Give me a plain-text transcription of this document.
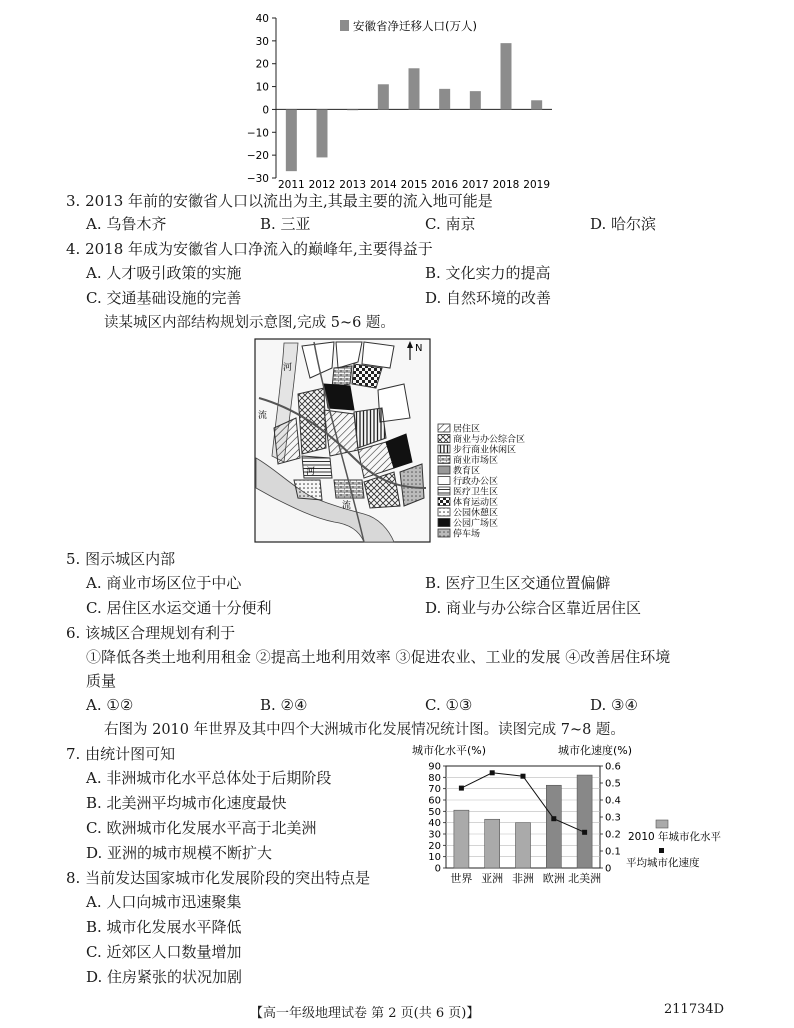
40
30
20
10
0
−10
−20
−30 2011 2012 2013 2014 2015 2016 2017 2018 2019
安徽省净迁移人口(万人)
3. 2013 年前的安徽省人口以流出为主,其最主要的流入地可能是
A. 乌鲁木齐	B. 三亚	C. 南京	D. 哈尔滨
4. 2018 年成为安徽省人口净流入的巅峰年,主要得益于
A. 人才吸引政策的实施	B. 文化实力的提高
C. 交通基础设施的完善	D. 自然环境的改善
读某城区内部结构规划示意图,完成 5~6 题。
N
河
流
河
流
居住区
商业与办公综合区
步行商业休闲区
商业市场区
教育区
行政办公区
医疗卫生区
体育运动区
公园休憩区
公园广场区
停车场
5. 图示城区内部
A. 商业市场区位于中心	B. 医疗卫生区交通位置偏僻
C. 居住区水运交通十分便利	D. 商业与办公综合区靠近居住区
6. 该城区合理规划有利于
①降低各类土地利用租金 ②提高土地利用效率 ③促进农业、工业的发展 ④改善居住环境
质量
A. ①②	B. ②④	C. ①③	D. ③④
右图为 2010 年世界及其中四个大洲城市化发展情况统计图。读图完成 7~8 题。
7. 由统计图可知
A. 非洲城市化水平总体处于后期阶段
B. 北美洲平均城市化速度最快
C. 欧洲城市化发展水平高于北美洲
D. 亚洲的城市规模不断扩大
8. 当前发达国家城市化发展阶段的突出特点是
A. 人口向城市迅速聚集
B. 城市化发展水平降低
C. 近郊区人口数量增加
D. 住房紧张的状况加剧
城市化水平(%)	城市化速度(%)
0
10
20
30
40
50
60
70
80
90
0
0.1
0.2
0.3
0.4
0.5
0.6
世界 亚洲 非洲 欧洲 北美洲
2010 年城市化水平
平均城市化速度
【高一年级地理试卷 第 2 页(共 6 页)】	211734D
